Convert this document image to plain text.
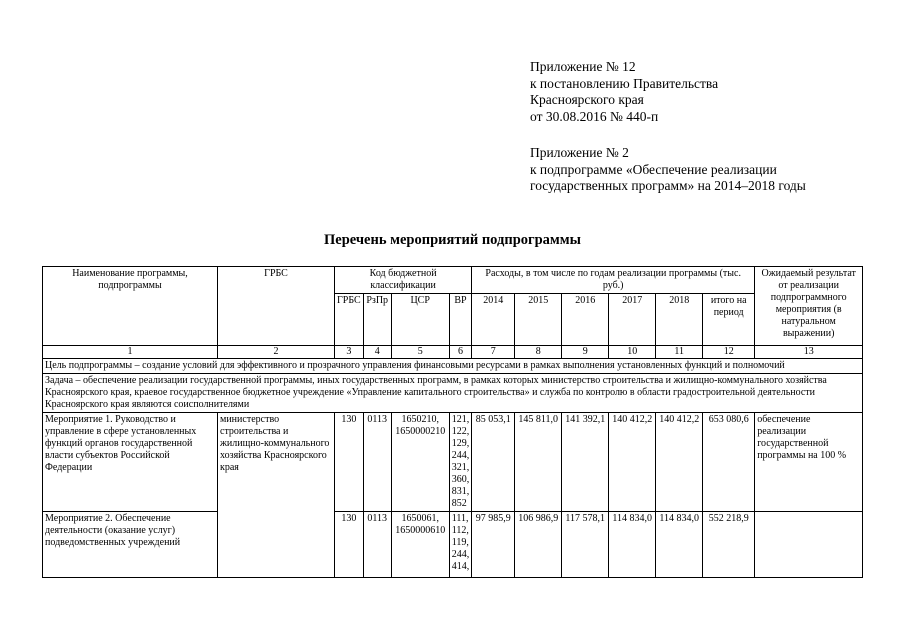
Приложение № 12
к постановлению Правительства
Красноярского края
от 30.08.2016 № 440-п
Приложение № 2
к подпрограмме «Обеспечение реализации
государственных программ» на 2014–2018 годы
Перечень мероприятий подпрограммы
Наименование программы, подпрограммы	ГРБС	Код бюджетной классификации				Расходы, в том числе по годам реализации программы (тыс. руб.)						Ожидаемый результат от реализации подпрограммного мероприятия (в натуральном выражении)
		ГРБС	РзПр	ЦСР	ВР	2014	2015	2016	2017	2018	итого на период	
1	2	3	4	5	6	7	8	9	10	11	12	13
Цель подпрограммы – создание условий для эффективного и прозрачного управления финансовыми ресурсами в рамках выполнения установленных функций и полномочий												
Задача – обеспечение реализации государственной программы, иных государственных программ, в рамках которых министерство строительства и жилищно-коммунального хозяйства Красноярского края, краевое государственное бюджетное учреждение «Управление капитального строительства» и служба по контролю в области градостроительной деятельности Красноярского края являются соисполнителями												
Мероприятие 1. Руководство и управление в сфере установленных функций органов государственной власти субъектов Российской Федерации	министерство строительства и жилищно-коммунального хозяйства Красноярского края	130	0113	1650210, 1650000210	121, 122, 129, 244, 321, 360, 831, 852	85 053,1	145 811,0	141 392,1	140 412,2	140 412,2	653 080,6	обеспечение реализации государственной программы на 100 %
Мероприятие 2. Обеспечение деятельности (оказание услуг) подведомственных учреждений		130	0113	1650061, 1650000610	111, 112, 119, 244, 414,	97 985,9	106 986,9	117 578,1	114 834,0	114 834,0	552 218,9	
